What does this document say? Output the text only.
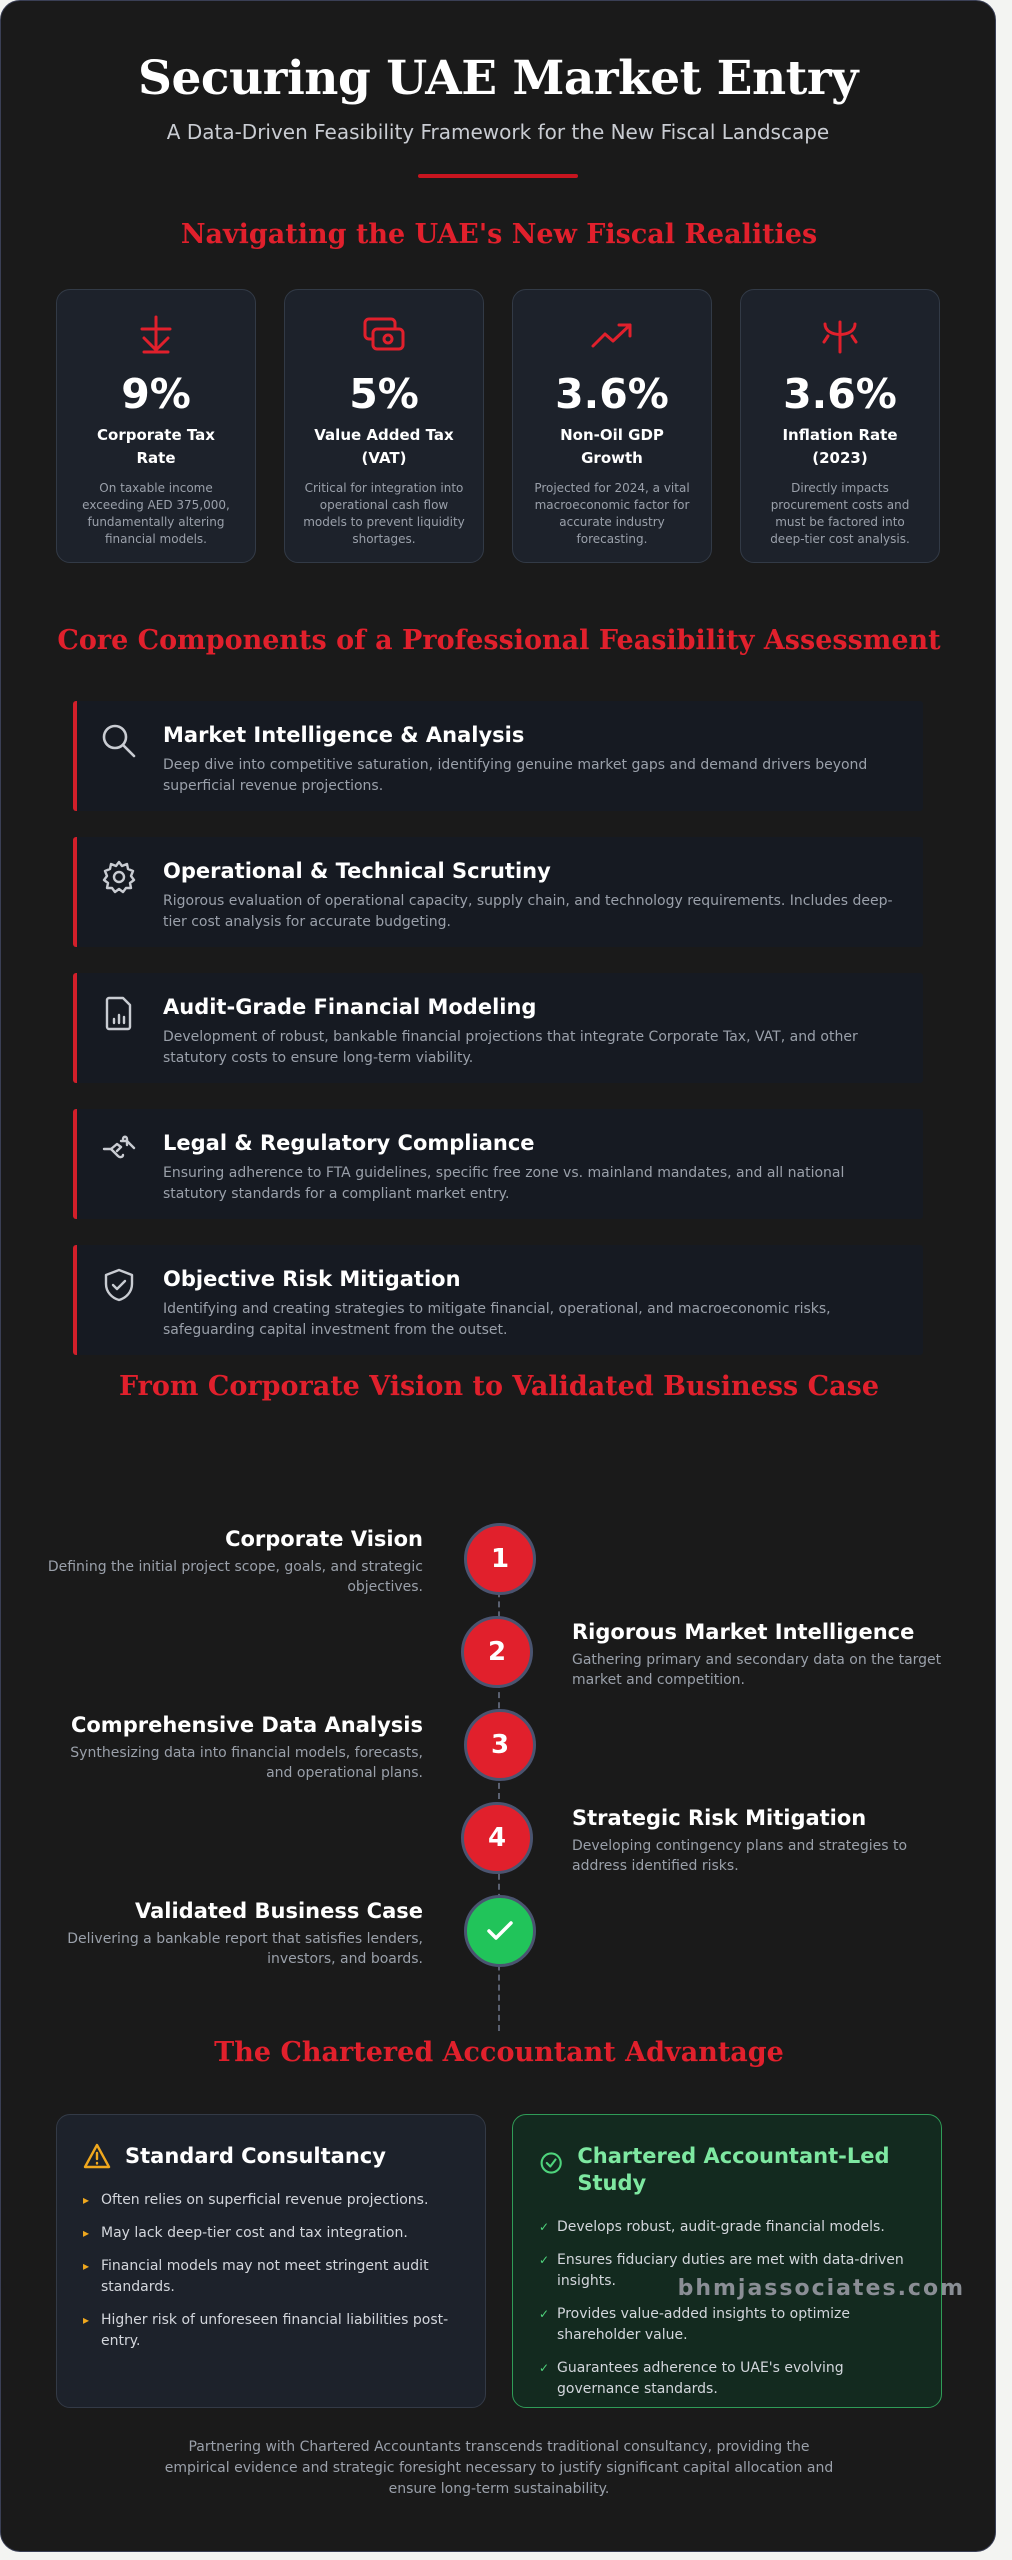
Securing UAE Market Entry
A Data-Driven Feasibility Framework for the New Fiscal Landscape
Navigating the UAE's New Fiscal Realities
9%
Corporate Tax Rate
On taxable income exceeding AED 375,000, fundamentally altering financial models.
5%
Value Added Tax (VAT)
Critical for integration into operational cash flow models to prevent liquidity shortages.
3.6%
Non-Oil GDP Growth
Projected for 2024, a vital macroeconomic factor for accurate industry forecasting.
3.6%
Inflation Rate (2023)
Directly impacts procurement costs and must be factored into deep-tier cost analysis.
Core Components of a Professional Feasibility Assessment
Market Intelligence & Analysis
Deep dive into competitive saturation, identifying genuine market gaps and demand drivers beyond superficial revenue projections.
Operational & Technical Scrutiny
Rigorous evaluation of operational capacity, supply chain, and technology requirements. Includes deep-tier cost analysis for accurate budgeting.
Audit-Grade Financial Modeling
Development of robust, bankable financial projections that integrate Corporate Tax, VAT, and other statutory costs to ensure long-term viability.
Legal & Regulatory Compliance
Ensuring adherence to FTA guidelines, specific free zone vs. mainland mandates, and all national statutory standards for a compliant market entry.
Objective Risk Mitigation
Identifying and creating strategies to mitigate financial, operational, and macroeconomic risks, safeguarding capital investment from the outset.
From Corporate Vision to Validated Business Case
1
Corporate Vision
Defining the initial project scope, goals, and strategic objectives.
2
Rigorous Market Intelligence
Gathering primary and secondary data on the target market and competition.
3
Comprehensive Data Analysis
Synthesizing data into financial models, forecasts, and operational plans.
4
Strategic Risk Mitigation
Developing contingency plans and strategies to address identified risks.
Validated Business Case
Delivering a bankable report that satisfies lenders, investors, and boards.
The Chartered Accountant Advantage
Standard Consultancy
▸ Often relies on superficial revenue projections.
▸ May lack deep-tier cost and tax integration.
▸ Financial models may not meet stringent audit standards.
▸ Higher risk of unforeseen financial liabilities post-entry.
Chartered Accountant-Led Study
✓ Develops robust, audit-grade financial models.
✓ Ensures fiduciary duties are met with data-driven insights.
✓ Provides value-added insights to optimize shareholder value.
✓ Guarantees adherence to UAE's evolving governance standards.
Partnering with Chartered Accountants transcends traditional consultancy, providing the empirical evidence and strategic foresight necessary to justify significant capital allocation and ensure long-term sustainability.
bhmjassociates.com
